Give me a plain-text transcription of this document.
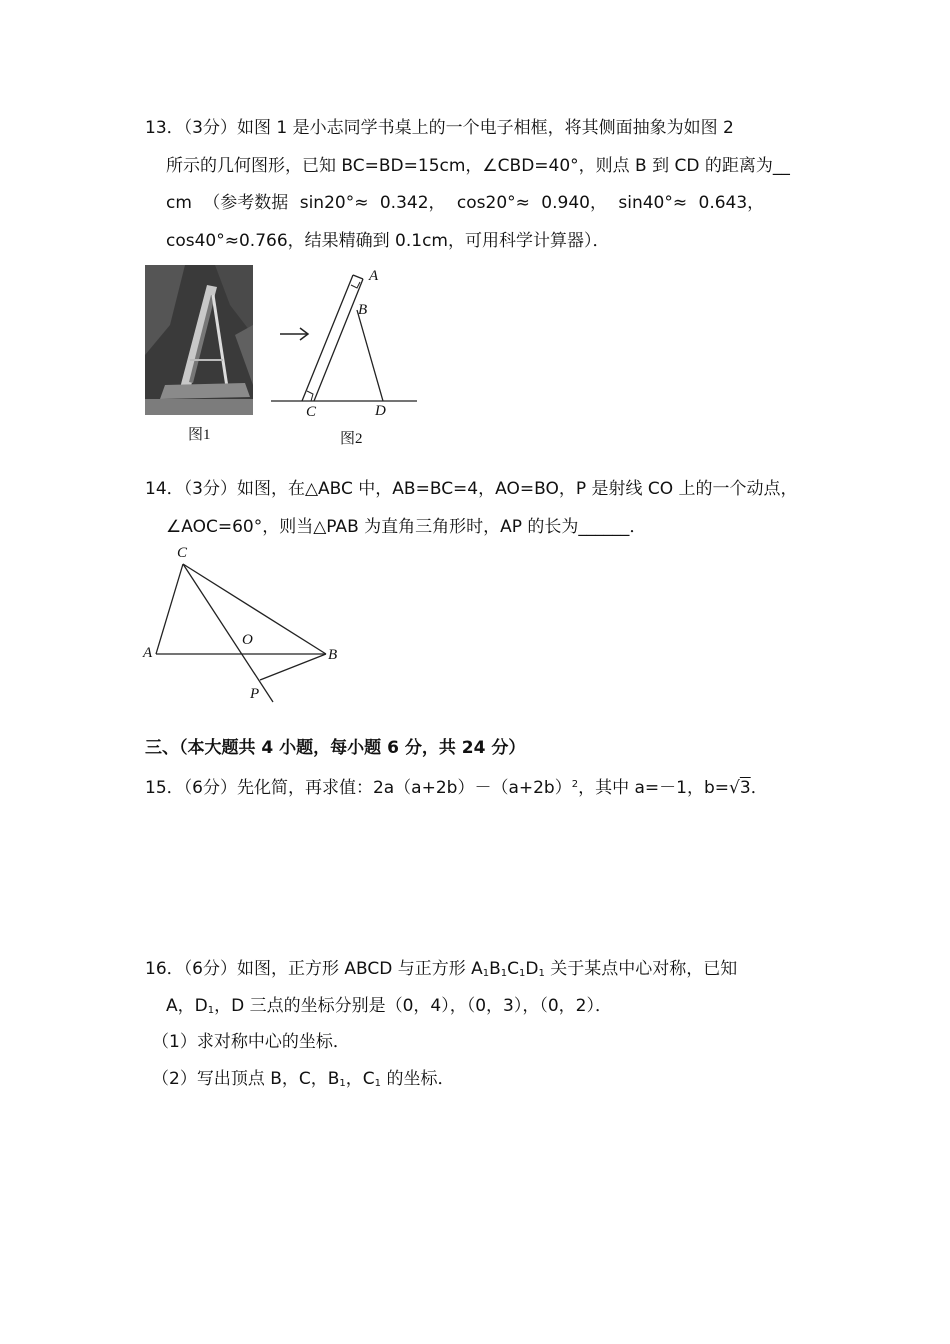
13．（3分）如图 1 是小志同学书桌上的一个电子相框，将其侧面抽象为如图 2
所示的几何图形，已知 BC=BD=15cm，∠CBD=40°，则点 B 到 CD 的距离为__
cm （参考数据 sin20°≈ 0.342， cos20°≈ 0.940， sin40°≈ 0.643，
cos40°≈0.766，结果精确到 0.1cm，可用科学计算器）．
图1
A
B
C	D
图2
14．（3分）如图，在△ABC 中，AB=BC=4，AO=BO，P 是射线 CO 上的一个动点，
∠AOC=60°，则当△PAB 为直角三角形时，AP 的长为______．
C
A
O
B
P
三、（本大题共 4 小题，每小题 6 分，共 24 分）
15．（6分）先化简，再求值：$2a(a+2b)-(a+2b)^2$，其中 a=－1，b=√3．
16．（6分）如图，正方形 ABCD 与正方形 $A_1B_1C_1D_1$ 关于某点中心对称，已知
A，$D_1$，D 三点的坐标分别是（0，4），（0，3），（0，2）．
（1）求对称中心的坐标．
（2）写出顶点 B，C，$B_1$，$C_1$ 的坐标．
